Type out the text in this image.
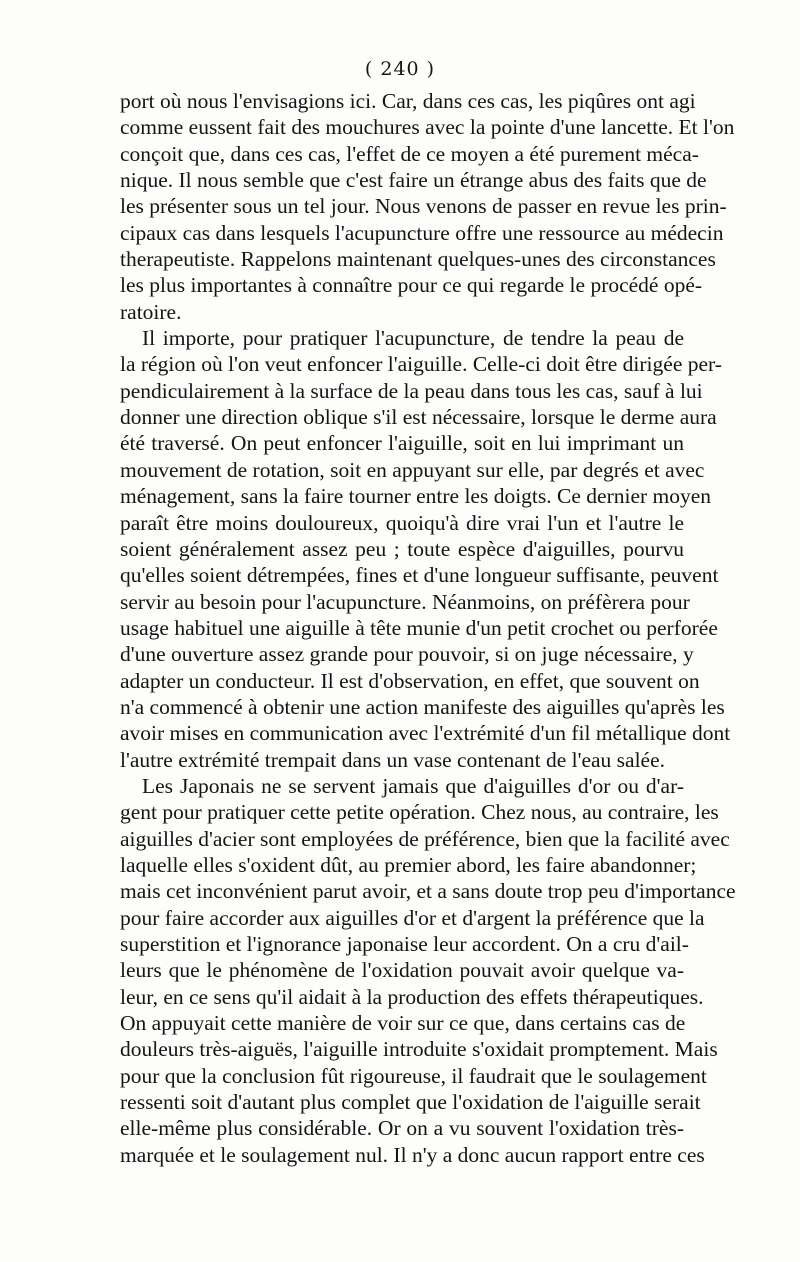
( 240 )
port où nous l'envisagions ici. Car, dans ces cas, les piqûres ont agi
comme eussent fait des mouchures avec la pointe d'une lancette. Et l'on
conçoit que, dans ces cas, l'effet de ce moyen a été purement méca-
nique. Il nous semble que c'est faire un étrange abus des faits que de
les présenter sous un tel jour. Nous venons de passer en revue les prin-
cipaux cas dans lesquels l'acupuncture offre une ressource au médecin
therapeutiste. Rappelons maintenant quelques-unes des circonstances
les plus importantes à connaître pour ce qui regarde le procédé opé-
ratoire.
Il importe, pour pratiquer l'acupuncture, de tendre la peau de
la région où l'on veut enfoncer l'aiguille. Celle-ci doit être dirigée per-
pendiculairement à la surface de la peau dans tous les cas, sauf à lui
donner une direction oblique s'il est nécessaire, lorsque le derme aura
été traversé. On peut enfoncer l'aiguille, soit en lui imprimant un
mouvement de rotation, soit en appuyant sur elle, par degrés et avec
ménagement, sans la faire tourner entre les doigts. Ce dernier moyen
paraît être moins douloureux, quoiqu'à dire vrai l'un et l'autre le
soient généralement assez peu ; toute espèce d'aiguilles, pourvu
qu'elles soient détrempées, fines et d'une longueur suffisante, peuvent
servir au besoin pour l'acupuncture. Néanmoins, on préfèrera pour
usage habituel une aiguille à tête munie d'un petit crochet ou perforée
d'une ouverture assez grande pour pouvoir, si on juge nécessaire, y
adapter un conducteur. Il est d'observation, en effet, que souvent on
n'a commencé à obtenir une action manifeste des aiguilles qu'après les
avoir mises en communication avec l'extrémité d'un fil métallique dont
l'autre extrémité trempait dans un vase contenant de l'eau salée.
Les Japonais ne se servent jamais que d'aiguilles d'or ou d'ar-
gent pour pratiquer cette petite opération. Chez nous, au contraire, les
aiguilles d'acier sont employées de préférence, bien que la facilité avec
laquelle elles s'oxident dût, au premier abord, les faire abandonner;
mais cet inconvénient parut avoir, et a sans doute trop peu d'importance
pour faire accorder aux aiguilles d'or et d'argent la préférence que la
superstition et l'ignorance japonaise leur accordent. On a cru d'ail-
leurs que le phénomène de l'oxidation pouvait avoir quelque va-
leur, en ce sens qu'il aidait à la production des effets thérapeutiques.
On appuyait cette manière de voir sur ce que, dans certains cas de
douleurs très-aiguës, l'aiguille introduite s'oxidait promptement. Mais
pour que la conclusion fût rigoureuse, il faudrait que le soulagement
ressenti soit d'autant plus complet que l'oxidation de l'aiguille serait
elle-même plus considérable. Or on a vu souvent l'oxidation très-
marquée et le soulagement nul. Il n'y a donc aucun rapport entre ces
